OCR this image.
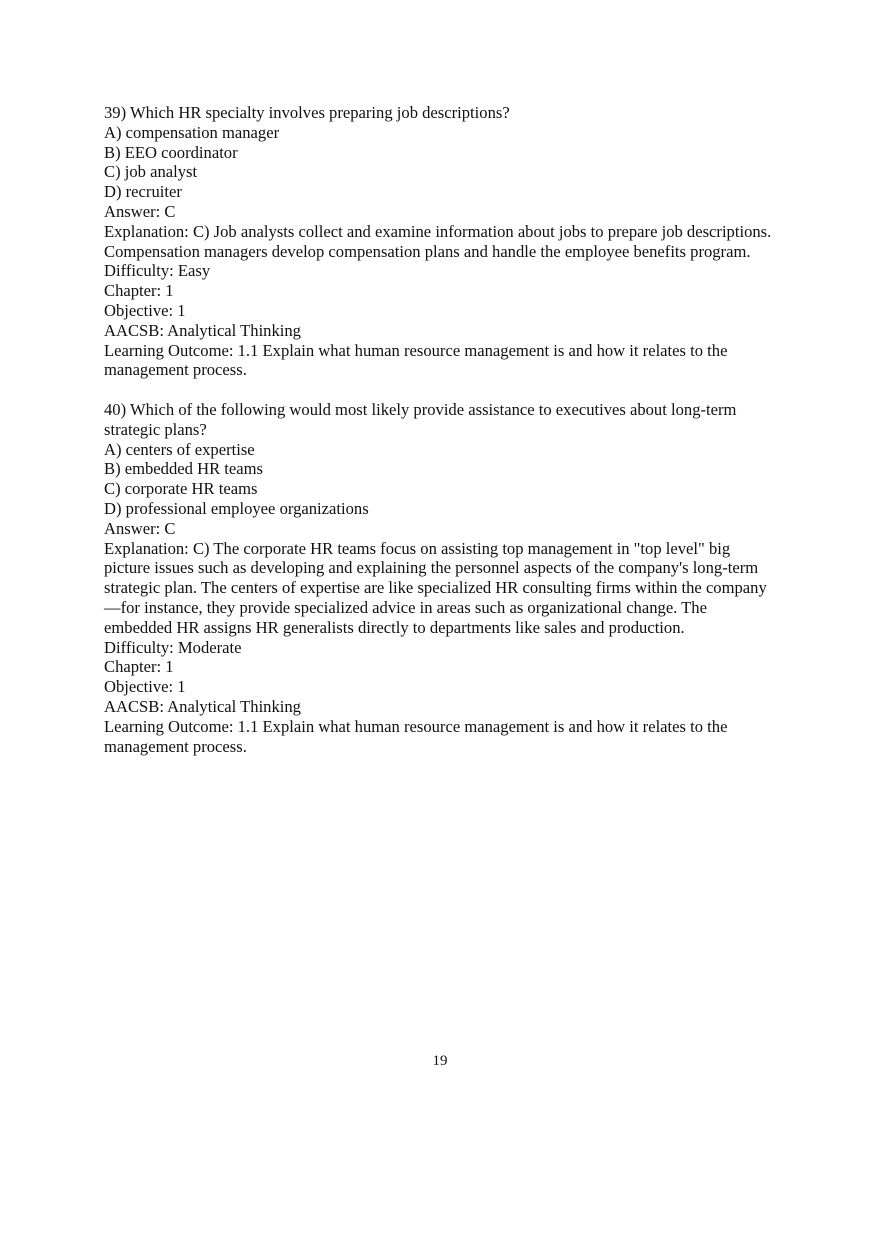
39) Which HR specialty involves preparing job descriptions?
A) compensation manager
B) EEO coordinator
C) job analyst
D) recruiter
Answer: C
Explanation: C) Job analysts collect and examine information about jobs to prepare job descriptions. Compensation managers develop compensation plans and handle the employee benefits program.
Difficulty: Easy
Chapter: 1
Objective: 1
AACSB: Analytical Thinking
Learning Outcome: 1.1 Explain what human resource management is and how it relates to the management process.
40) Which of the following would most likely provide assistance to executives about long-term strategic plans?
A) centers of expertise
B) embedded HR teams
C) corporate HR teams
D) professional employee organizations
Answer: C
Explanation: C) The corporate HR teams focus on assisting top management in "top level" big picture issues such as developing and explaining the personnel aspects of the company's long-term strategic plan. The centers of expertise are like specialized HR consulting firms within the company—for instance, they provide specialized advice in areas such as organizational change. The embedded HR assigns HR generalists directly to departments like sales and production.
Difficulty: Moderate
Chapter: 1
Objective: 1
AACSB: Analytical Thinking
Learning Outcome: 1.1 Explain what human resource management is and how it relates to the management process.
19
